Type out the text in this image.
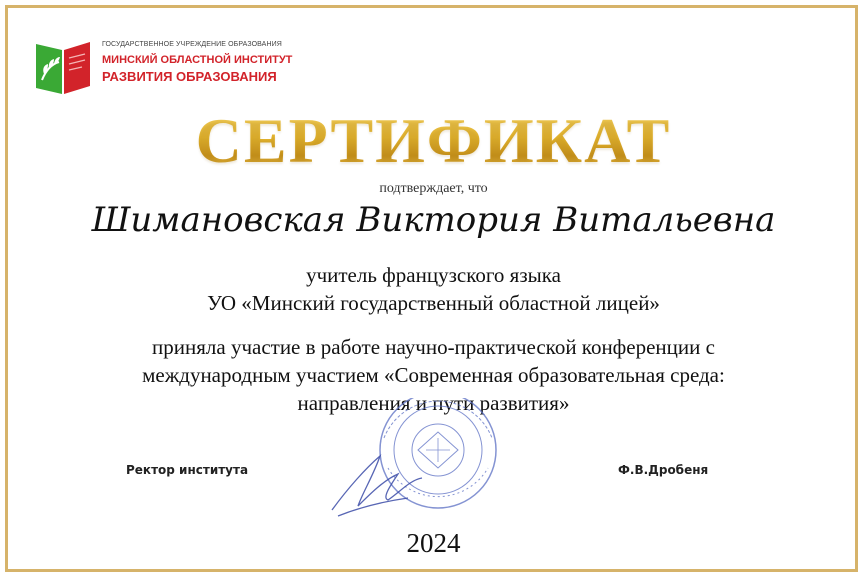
ГОСУДАРСТВЕННОЕ УЧРЕЖДЕНИЕ ОБРАЗОВАНИЯ
МИНСКИЙ ОБЛАСТНОЙ ИНСТИТУТ
РАЗВИТИЯ ОБРАЗОВАНИЯ
СЕРТИФИКАТ
подтверждает, что
Шимановская Виктория Витальевна
учитель французского языка
УО «Минский государственный областной лицей»
приняла участие в работе научно-практической конференции с
международным участием «Современная образовательная среда:
направления и пути развития»
Ректор института	Ф.В.Дробеня
2024
